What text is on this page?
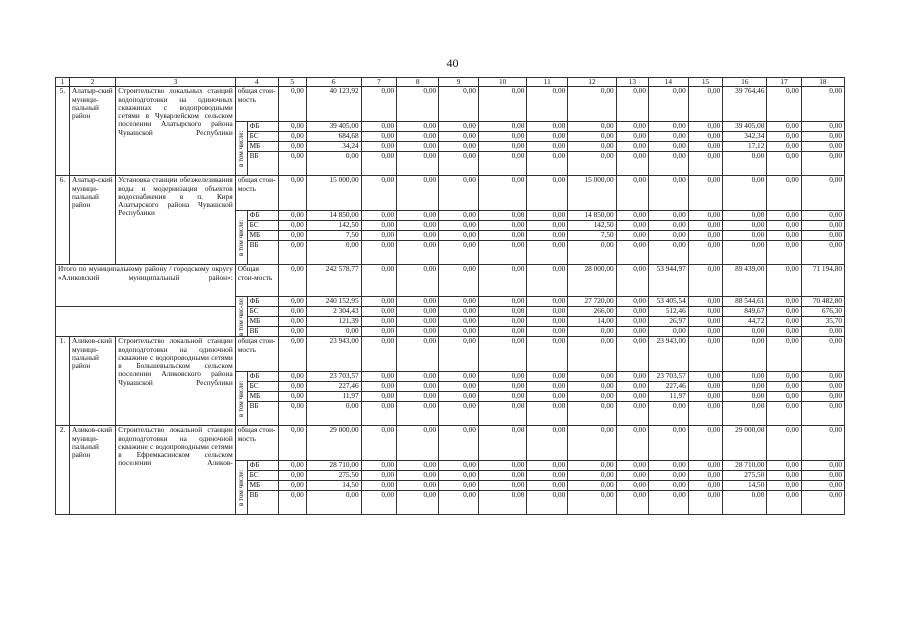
40
1	2	3	4		5	6	7	8	9	10	11	12	13	14	15	16	17	18
5.	Алатыр-ский муници-пальный район	Строительство локальных станций водоподготовки на одиночных скважинах с водопроводными сетями в Чуварлейском сельском поселении Алатырского района Чувашской Республики	общая стои-мость		0,00	40 123,92	0,00	0,00	0,00	0,00	0,00	0,00	0,00	0,00	0,00	39 764,46	0,00	0,00
			в том числе:	ФБ	0,00	39 405,00	0,00	0,00	0,00	0,00	0,00	0,00	0,00	0,00	0,00	39 405,00	0,00	0,00
				БС	0,00	684,68	0,00	0,00	0,00	0,00	0,00	0,00	0,00	0,00	0,00	342,34	0,00	0,00
				МБ	0,00	34,24	0,00	0,00	0,00	0,00	0,00	0,00	0,00	0,00	0,00	17,12	0,00	0,00
				ВБ	0,00	0,00	0,00	0,00	0,00	0,00	0,00	0,00	0,00	0,00	0,00	0,00	0,00	0,00
6.	Алатыр-ский муници-пальный район	Установка станции обезжелезивания воды и модернизация объектов водоснабжения в п. Киря Алатырского района Чувашской Республики	общая стои-мость		0,00	15 000,00	0,00	0,00	0,00	0,00	0,00	15 000,00	0,00	0,00	0,00	0,00	0,00	0,00
			в том числе:	ФБ	0,00	14 850,00	0,00	0,00	0,00	0,00	0,00	14 850,00	0,00	0,00	0,00	0,00	0,00	0,00
				БС	0,00	142,50	0,00	0,00	0,00	0,00	0,00	142,50	0,00	0,00	0,00	0,00	0,00	0,00
				МБ	0,00	7,50	0,00	0,00	0,00	0,00	0,00	7,50	0,00	0,00	0,00	0,00	0,00	0,00
				ВБ	0,00	0,00	0,00	0,00	0,00	0,00	0,00	0,00	0,00	0,00	0,00	0,00	0,00	0,00
Итого по муниципальному району / городскому округу «Аликовский муниципальный район»:			Общая стои-мость		0,00	242 578,77	0,00	0,00	0,00	0,00	0,00	28 000,00	0,00	53 944,97	0,00	89 439,00	0,00	71 194,80
			в том чис-ле:	ФБ	0,00	240 152,95	0,00	0,00	0,00	0,00	0,00	27 720,00	0,00	53 405,54	0,00	88 544,61	0,00	70 482,80
				БС	0,00	2 304,43	0,00	0,00	0,00	0,00	0,00	266,00	0,00	512,46	0,00	849,67	0,00	676,30
				МБ	0,00	121,39	0,00	0,00	0,00	0,00	0,00	14,00	0,00	26,97	0,00	44,72	0,00	35,70
				ВБ	0,00	0,00	0,00	0,00	0,00	0,00	0,00	0,00	0,00	0,00	0,00	0,00	0,00	0,00
1.	Аликов-ский муници-пальный район	Строительство локальной станции водоподготовки на одиночной скважине с водопроводными сетями в Большевыльском сельском поселении Аликовского района Чувашской Республики	общая стои-мость		0,00	23 943,00	0,00	0,00	0,00	0,00	0,00	0,00	0,00	23 943,00	0,00	0,00	0,00	0,00
			в том числе:	ФБ	0,00	23 703,57	0,00	0,00	0,00	0,00	0,00	0,00	0,00	23 703,57	0,00	0,00	0,00	0,00
				БС	0,00	227,46	0,00	0,00	0,00	0,00	0,00	0,00	0,00	227,46	0,00	0,00	0,00	0,00
				МБ	0,00	11,97	0,00	0,00	0,00	0,00	0,00	0,00	0,00	11,97	0,00	0,00	0,00	0,00
				ВБ	0,00	0,00	0,00	0,00	0,00	0,00	0,00	0,00	0,00	0,00	0,00	0,00	0,00	0,00
2.	Аликов-ский муници-пальный район	Строительство локальной станции водоподготовки на одиночной скважине с водопроводными сетями в Ефремкасинском сельском поселении Аликов-	общая стои-мость		0,00	29 000,00	0,00	0,00	0,00	0,00	0,00	0,00	0,00	0,00	0,00	29 000,00	0,00	0,00
			в том числе:	ФБ	0,00	28 710,00	0,00	0,00	0,00	0,00	0,00	0,00	0,00	0,00	0,00	28 710,00	0,00	0,00
				БС	0,00	275,50	0,00	0,00	0,00	0,00	0,00	0,00	0,00	0,00	0,00	275,50	0,00	0,00
				МБ	0,00	14,50	0,00	0,00	0,00	0,00	0,00	0,00	0,00	0,00	0,00	14,50	0,00	0,00
				ВБ	0,00	0,00	0,00	0,00	0,00	0,00	0,00	0,00	0,00	0,00	0,00	0,00	0,00	0,00
